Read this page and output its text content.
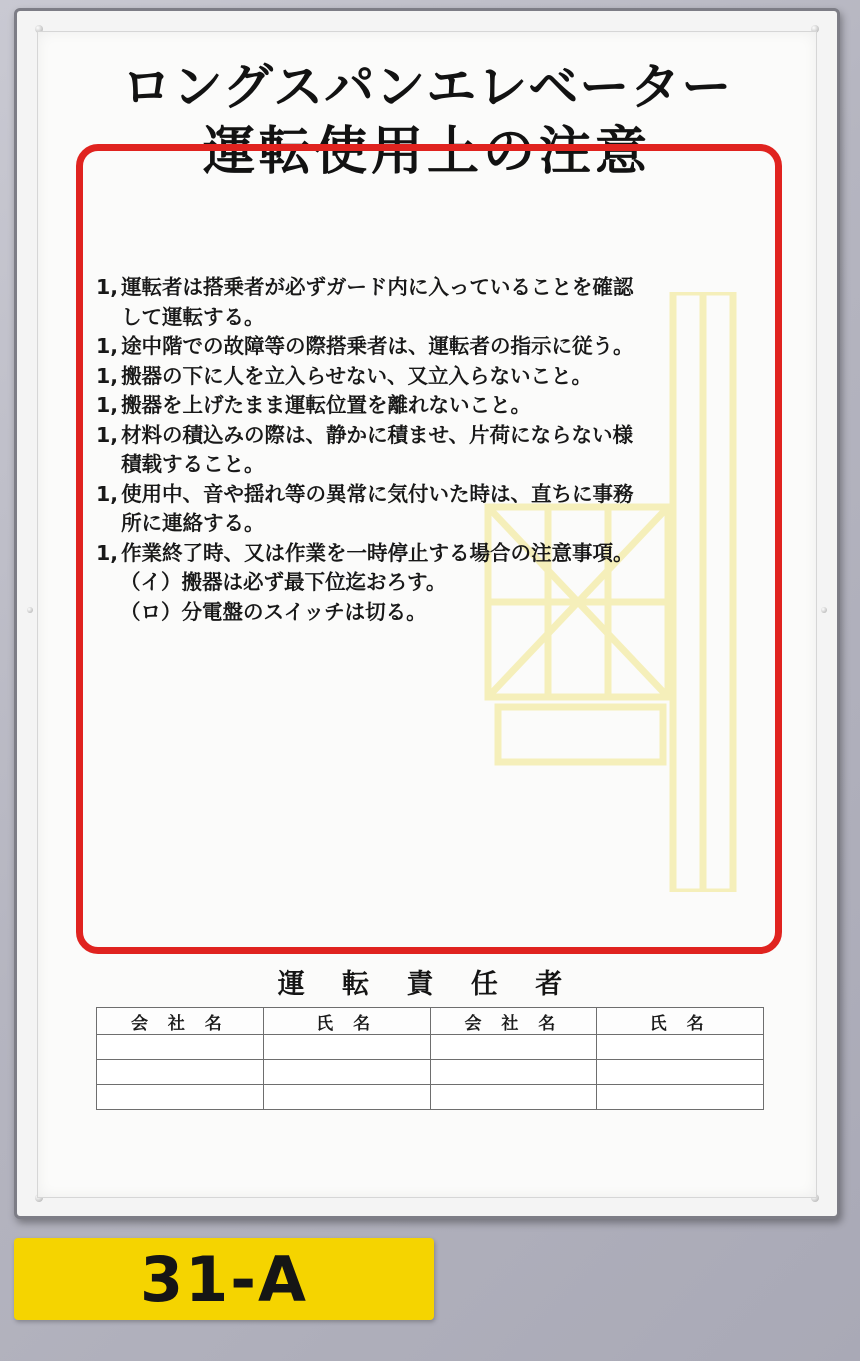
ロングスパンエレベーター
運転使用上の注意
1, 運転者は搭乗者が必ずガード内に入っていることを確認
して運転する。
1, 途中階での故障等の際搭乗者は、運転者の指示に従う。
1, 搬器の下に人を立入らせない、又立入らないこと。
1, 搬器を上げたまま運転位置を離れないこと。
1, 材料の積込みの際は、静かに積ませ、片荷にならない様
積载すること。
1, 使用中、音や揺れ等の異常に気付いた時は、直ちに事務
所に連絡する。
1, 作業終了時、又は作業を一時停止する場合の注意事項。
（イ）搬器は必ず最下位迄おろす。
（ロ）分電盤のスイッチは切る。
運 転 責 任 者
会 社 名	氏 名	会 社 名	氏 名

31-A
